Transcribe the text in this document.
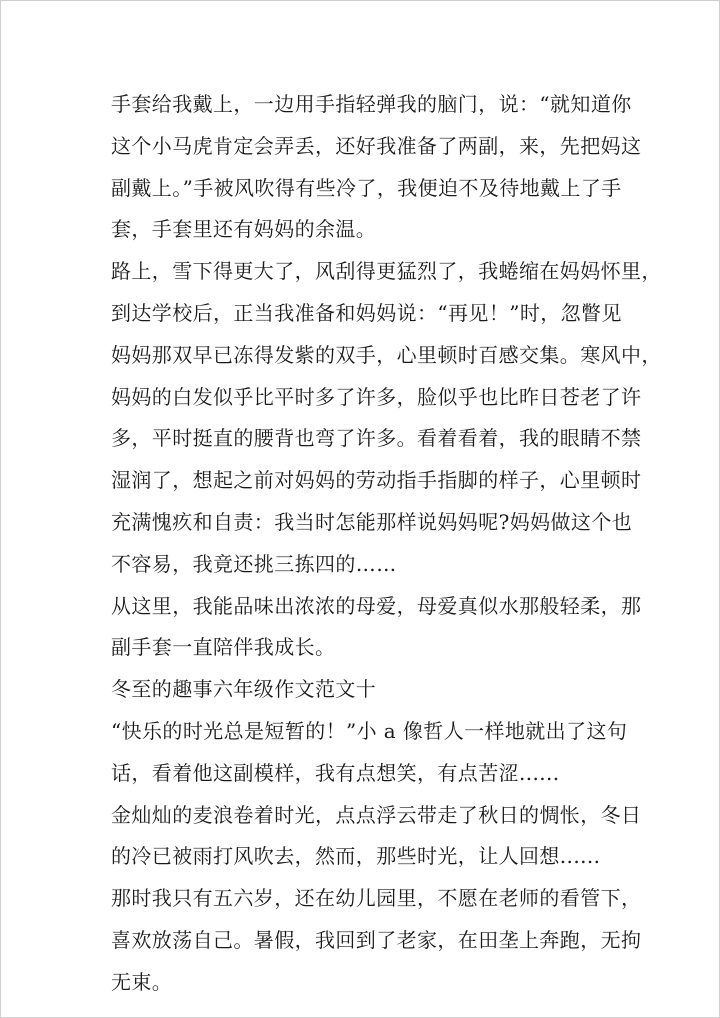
手套给我戴上，一边用手指轻弹我的脑门，说：“就知道你
这个小马虎肯定会弄丢，还好我准备了两副，来，先把妈这
副戴上。”手被风吹得有些冷了，我便迫不及待地戴上了手
套，手套里还有妈妈的余温。
路上，雪下得更大了，风刮得更猛烈了，我蜷缩在妈妈怀里，
到达学校后，正当我准备和妈妈说：“再见！”时，忽瞥见
妈妈那双早已冻得发紫的双手，心里顿时百感交集。寒风中，
妈妈的白发似乎比平时多了许多，脸似乎也比昨日苍老了许
多，平时挺直的腰背也弯了许多。看着看着，我的眼睛不禁
湿润了，想起之前对妈妈的劳动指手指脚的样子，心里顿时
充满愧疚和自责：我当时怎能那样说妈妈呢?妈妈做这个也
不容易，我竟还挑三拣四的……
从这里，我能品味出浓浓的母爱，母爱真似水那般轻柔，那
副手套一直陪伴我成长。
冬至的趣事六年级作文范文十
“快乐的时光总是短暂的！”小 a 像哲人一样地就出了这句
话，看着他这副模样，我有点想笑，有点苦涩......
金灿灿的麦浪卷着时光，点点浮云带走了秋日的惆怅，冬日
的冷已被雨打风吹去，然而，那些时光，让人回想......
那时我只有五六岁，还在幼儿园里，不愿在老师的看管下，
喜欢放荡自己。暑假，我回到了老家，在田垄上奔跑，无拘
无束。
